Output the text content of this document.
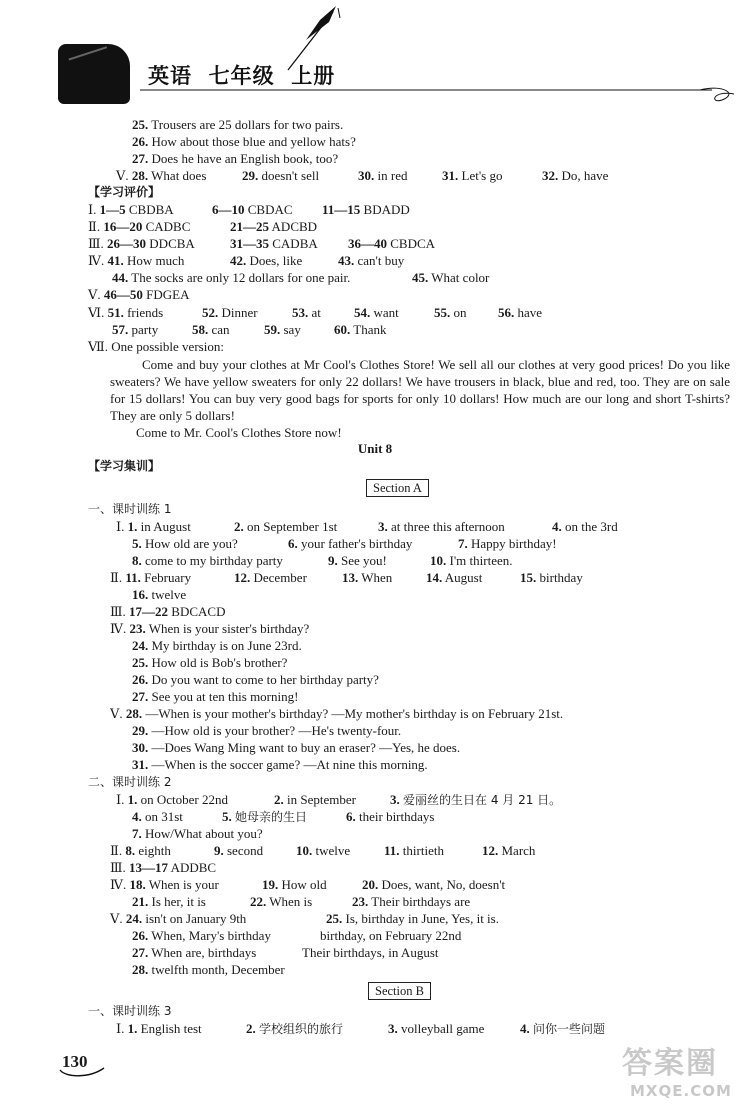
英语  七年级  上册
25. Trousers are 25 dollars for two pairs.
26. How about those blue and yellow hats?
27. Does he have an English book, too?
Ⅴ. 28. What does	29. doesn't sell	30. in red	31. Let's go	32. Do, have
【学习评价】
Ⅰ. 1—5 CBDBA	6—10 CBDAC 11—15 BDADD
Ⅱ. 16—20 CADBC	21—25 ADCBD
Ⅲ. 26—30 DDCBA	31—35 CADBA 36—40 CBDCA
Ⅳ. 41. How much	42. Does, like	43. can't buy
44. The socks are only 12 dollars for one pair.	45. What color
Ⅴ. 46—50 FDGEA
Ⅵ. 51. friends	52. Dinner	53. at	54. want	55. on 56. have
57. party	58. can	59. say	60. Thank
Ⅶ. One possible version:
Come and buy your clothes at Mr Cool's Clothes Store! We sell all our clothes at very good prices! Do you like sweaters? We have yellow sweaters for only 22 dollars! We have trousers in black, blue and red, too. They are on sale for 15 dollars! You can buy very good bags for sports for only 10 dollars! How much are our long and short T-shirts? They are only 5 dollars!
Come to Mr. Cool's Clothes Store now!
Unit 8
【学习集训】
Section A
一、课时训练 1
Ⅰ. 1. in August	2. on September 1st	3. at three this afternoon	4. on the 3rd
5. How old are you?	6. your father's birthday	7. Happy birthday!
8. come to my birthday party	9. See you!	10. I'm thirteen.
Ⅱ. 11. February	12. December	13. When	14. August	15. birthday
16. twelve
Ⅲ. 17—22 BDCACD
Ⅳ. 23. When is your sister's birthday?
24. My birthday is on June 23rd.
25. How old is Bob's brother?
26. Do you want to come to her birthday party?
27. See you at ten this morning!
Ⅴ. 28. —When is your mother's birthday? —My mother's birthday is on February 21st.
29. —How old is your brother? —He's twenty-four.
30. —Does Wang Ming want to buy an eraser? —Yes, he does.
31. —When is the soccer game? —At nine this morning.
二、课时训练 2
Ⅰ. 1. on October 22nd	2. in September	3. 爱丽丝的生日在 4 月 21 日。
4. on 31st	5. 她母亲的生日	6. their birthdays
7. How/What about you?
Ⅱ. 8. eighth	9. second	10. twelve	11. thirtieth	12. March
Ⅲ. 13—17 ADDBC
Ⅳ. 18. When is your	19. How old	20. Does, want, No, doesn't
21. Is her, it is	22. When is	23. Their birthdays are
Ⅴ. 24. isn't on January 9th	25. Is, birthday in June, Yes, it is.
26. When, Mary's birthday	birthday, on February 22nd
27. When are, birthdays	Their birthdays, in August
28. twelfth month, December
Section B
一、课时训练 3
Ⅰ. 1. English test	2. 学校组织的旅行	3. volleyball game	4. 问你一些问题
130	答案圈
MXQE.COM
